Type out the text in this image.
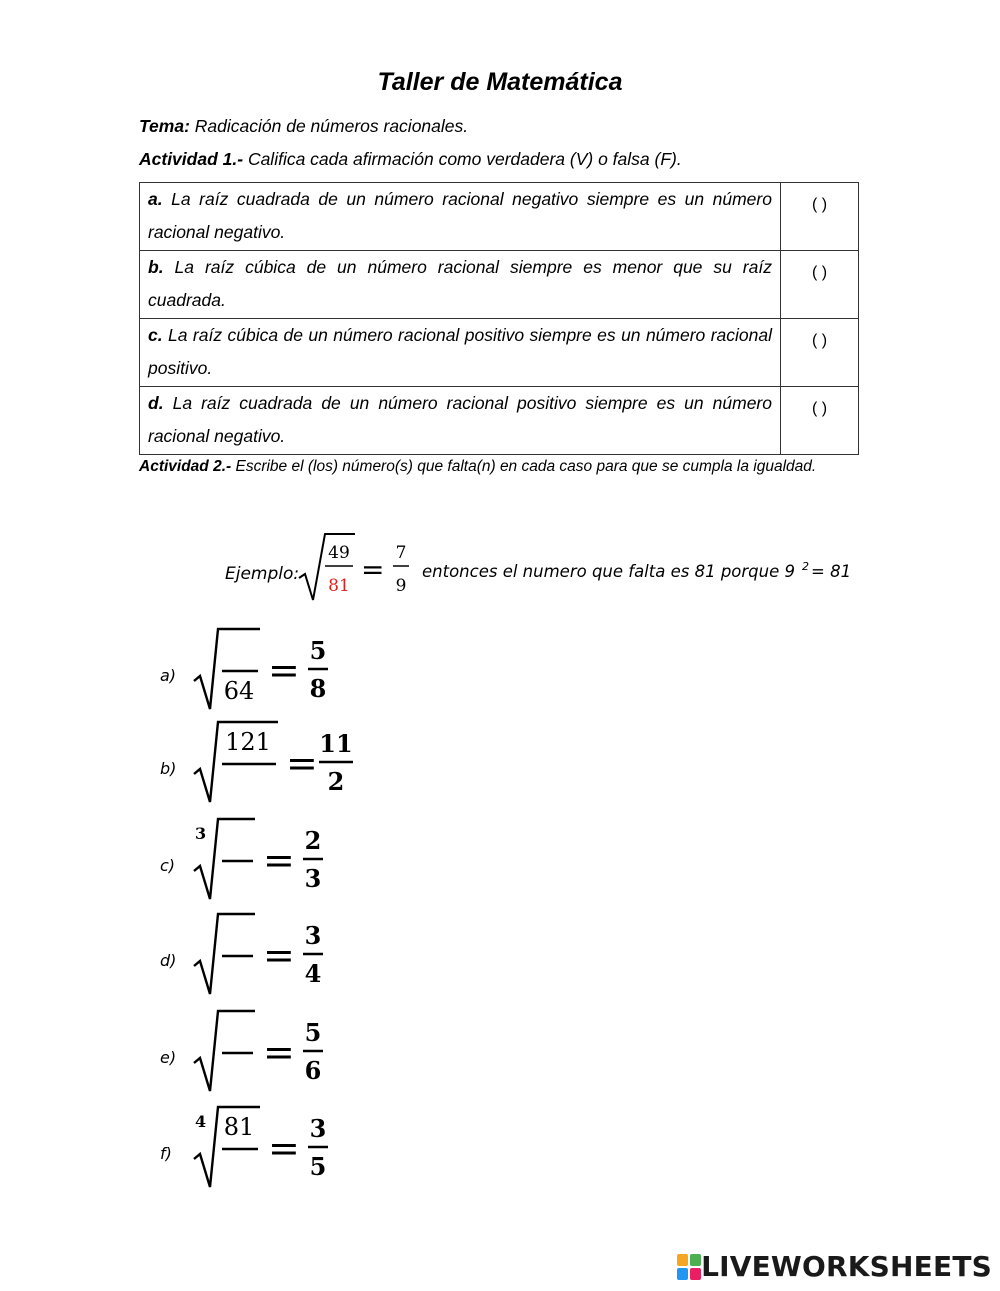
Taller de Matemática
Tema: Radicación de números racionales.
Actividad 1.- Califica cada afirmación como verdadera (V) o falsa (F).
a. La raíz cuadrada de un número racional negativo siempre es un número racional negativo.	( )
b. La raíz cúbica de un número racional siempre es menor que su raíz cuadrada.	( )
c. La raíz cúbica de un número racional positivo siempre es un número racional positivo.	( )
d. La raíz cuadrada de un número racional positivo siempre es un número racional negativo.	( )
Actividad 2.- Escribe el (los) número(s) que falta(n) en cada caso para que se cumpla la igualdad.
Ejemplo:
49
81 = 7
9
entonces el numero que falta es 81 porque 9 2 = 81
a)
64 = 5
8
b)
121 = 11
2
c)
3
= 2
3
d) = 3
4
e) = 5
6
f)
4 81 = 3
5
LIVEWORKSHEETS
